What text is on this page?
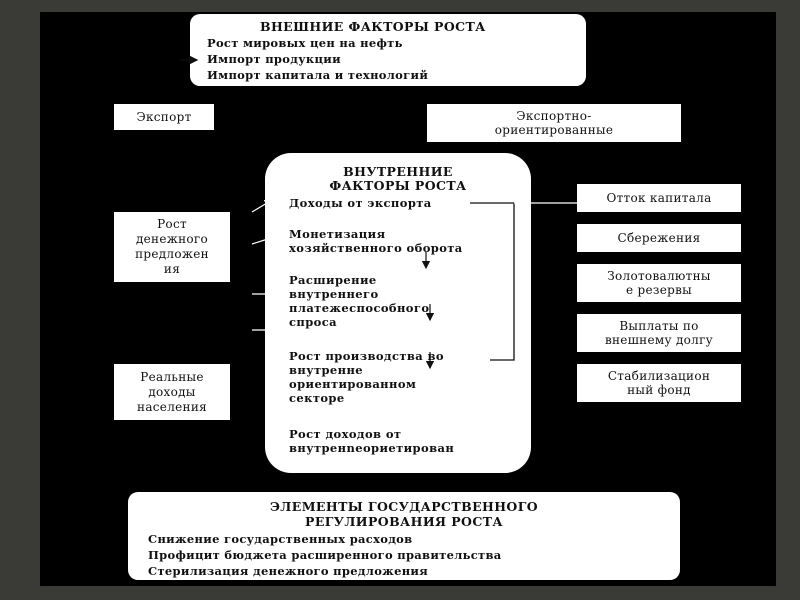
ВНЕШНИЕ ФАКТОРЫ РОСТА
Рост мировых цен на нефть
Импорт продукции
Импорт капитала и технологий
Экспорт	Экспортно-
ориентированные
Рост
денежного
предложен
ия
Реальные
доходы
населения
ВНУТРЕННИЕ
ФАКТОРЫ РОСТА
Доходы от экспорта
Монетизация
хозяйственного оборота
Расширение
внутреннего
платежеспособного
спроса
Рост производства во
внутренне
ориентированном
секторе
Рост доходов от
внутренneориетирован
Отток капитала
Сбережения
Золотовалютны
е резервы
Выплаты по
внешнему долгу
Стабилизацион
ный фонд
ЭЛЕМЕНТЫ ГОСУДАРСТВЕННОГО
РЕГУЛИРОВАНИЯ РОСТА
Снижение государственных расходов
Профицит бюджета расширенного правительства
Стерилизация денежного предложения
